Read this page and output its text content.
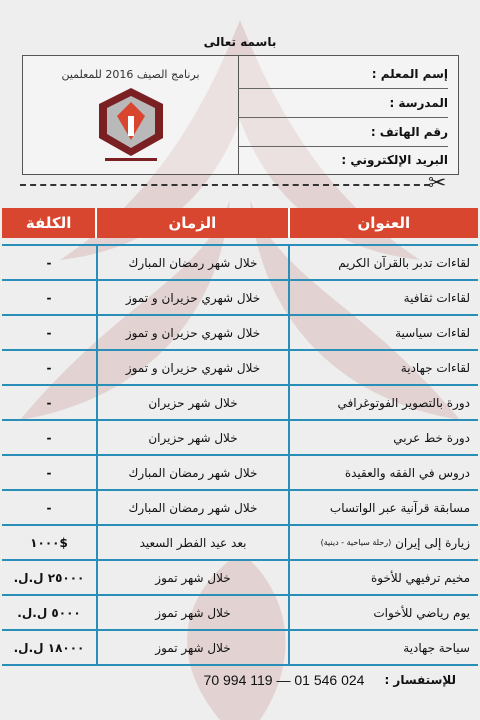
باسمه تعالى
برنامج الصيف 2016 للمعلمين	إسم المعلم :
المدرسة :
رقم الهاتف :
البريد الإلكتروني :
✂
العنوان
الزمان
الكلفة
لقاءات تدبر بالقرآن الكريم
خلال شهر رمضان المبارك
-
لقاءات ثقافية
خلال شهري حزيران و تموز
-
لقاءات سياسية
خلال شهري حزيران و تموز
-
لقاءات جهادية
خلال شهري حزيران و تموز
-
دورة بالتصوير الفوتوغرافي
خلال شهر حزيران
-
دورة خط عربي
خلال شهر حزيران
-
دروس في الفقه والعقيدة
خلال شهر رمضان المبارك
-
مسابقة قرآنية عبر الواتساب
خلال شهر رمضان المبارك
-
زيارة إلى إيران

(رحلة سياحية - دينية)
بعد عيد الفطر السعيد
$١٠٠٠
مخيم ترفيهي للأخوة
خلال شهر تموز
٢٥٠٠٠ ل.ل.
يوم رياضي للأخوات
خلال شهر تموز
٥٠٠٠ ل.ل.
سياحة جهادية
خلال شهر تموز
١٨٠٠٠ ل.ل.
للإستفسار :
70 994 119 — 01 546 024
